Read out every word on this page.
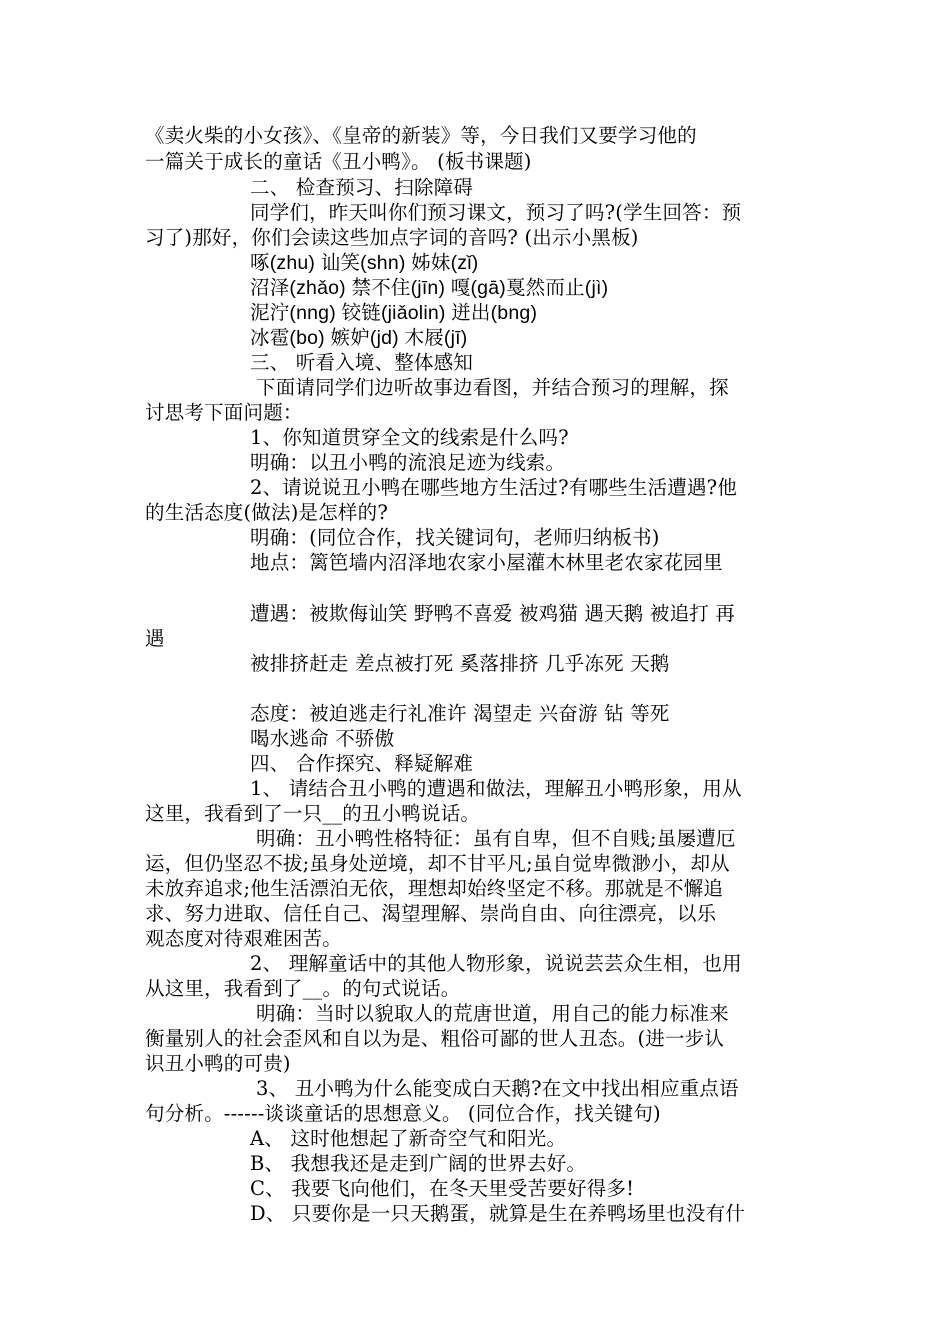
《卖火柴的小女孩》、《皇帝的新装》等，今日我们又要学习他的
一篇关于成长的童话《丑小鸭》。 (板书课题)
二、 检查预习、扫除障碍
同学们，昨天叫你们预习课文，预习了吗?(学生回答：预
习了)那好，你们会读这些加点字词的音吗? (出示小黑板)
啄(zhu) 讪笑(shn) 姊妹(zǐ)
沼泽(zhǎo) 禁不住(jīn) 嘎(gā)戛然而止(jì)
泥泞(nng) 铰链(jiǎolin) 迸出(bng)
冰雹(bo) 嫉妒(jd) 木屐(jī)
三、 听看入境、整体感知
下面请同学们边听故事边看图，并结合预习的理解，探
讨思考下面问题：
1、你知道贯穿全文的线索是什么吗?
明确：以丑小鸭的流浪足迹为线索。
2、请说说丑小鸭在哪些地方生活过?有哪些生活遭遇?他
的生活态度(做法)是怎样的?
明确：(同位合作，找关键词句，老师归纳板书)
地点：篱笆墙内沼泽地农家小屋灌木林里老农家花园里
遭遇：被欺侮讪笑 野鸭不喜爱 被鸡猫 遇天鹅 被追打 再
遇
被排挤赶走 差点被打死 奚落排挤 几乎冻死 天鹅
态度：被迫逃走行礼准许 渴望走 兴奋游 钻 等死
喝水逃命 不骄傲
四、 合作探究、释疑解难
1、 请结合丑小鸭的遭遇和做法，理解丑小鸭形象，用从
这里，我看到了一只__的丑小鸭说话。
明确：丑小鸭性格特征：虽有自卑，但不自贱;虽屡遭厄
运，但仍坚忍不拔;虽身处逆境，却不甘平凡;虽自觉卑微渺小，却从
未放弃追求;他生活漂泊无依，理想却始终坚定不移。那就是不懈追
求、努力进取、信任自己、渴望理解、崇尚自由、向往漂亮，以乐
观态度对待艰难困苦。
2、 理解童话中的其他人物形象，说说芸芸众生相，也用
从这里，我看到了__。的句式说话。
明确：当时以貌取人的荒唐世道，用自己的能力标准来
衡量别人的社会歪风和自以为是、粗俗可鄙的世人丑态。(进一步认
识丑小鸭的可贵)
3、 丑小鸭为什么能变成白天鹅?在文中找出相应重点语
句分析。------谈谈童话的思想意义。 (同位合作，找关键句)
A、 这时他想起了新奇空气和阳光。
B、 我想我还是走到广阔的世界去好。
C、 我要飞向他们，在冬天里受苦要好得多!
D、 只要你是一只天鹅蛋，就算是生在养鸭场里也没有什
